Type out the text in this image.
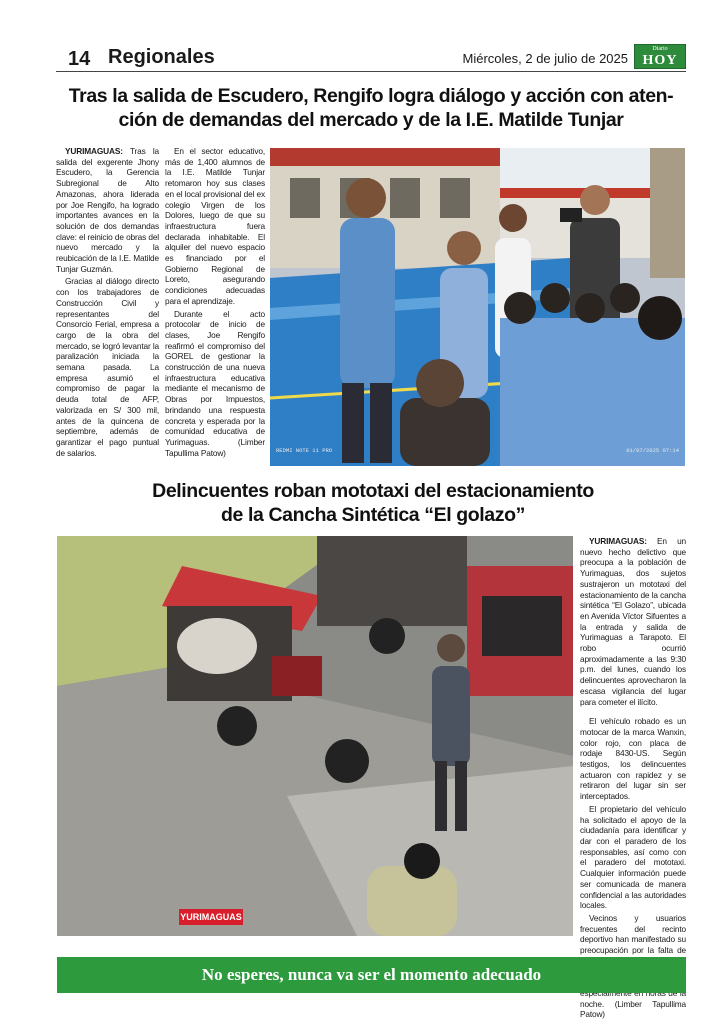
14 Regionales	Miércoles, 2 de julio de 2025
Diario
HOY
Tras la salida de Escudero, Rengifo logra diálogo y acción con aten-
ción de demandas del mercado y de la I.E. Matilde Tunjar

YURIMAGUAS: Tras la salida del exgerente Jhony Escudero, la Gerencia Subregional de Alto Amazonas, ahora liderada por Joe Rengifo, ha logrado importantes avances en la solución de dos demandas clave: el reinicio de obras del nuevo mercado y la reubicación de la I.E. Matilde Tunjar Guzmán.

Gracias al diálogo directo con los trabajadores de Construcción Civil y representantes del Consorcio Ferial, empresa a cargo de la obra del mercado, se logró levantar la paralización iniciada la semana pasada. La empresa asumió el compromiso de pagar la deuda total de AFP, valorizada en S/ 300 mil, antes de la quincena de septiembre, además de garantizar el pago puntual de salarios.

En el sector educativo, más de 1,400 alumnos de la I.E. Matilde Tunjar retomaron hoy sus clases en el local provisional del ex colegio Virgen de los Dolores, luego de que su infraestructura fuera declarada inhabitable. El alquiler del nuevo espacio es financiado por el Gobierno Regional de Loreto, asegurando condiciones adecuadas para el aprendizaje.

Durante el acto protocolar de inicio de clases, Joe Rengifo reafirmó el compromiso del GOREL de gestionar la construcción de una nueva infraestructura educativa mediante el mecanismo de Obras por Impuestos, brindando una respuesta concreta y esperada por la comunidad educativa de Yurimaguas. (Limber Tapullima Patow)	REDMI NOTE 11 PRO	01/07/2025 07:14
Delincuentes roban mototaxi del estacionamiento
de la Cancha Sintética “El golazo”
YURIMAGUAS

YURIMAGUAS: En un nuevo hecho delictivo que preocupa a la población de Yurimaguas, dos sujetos sustrajeron un mototaxi del estacionamiento de la cancha sintética “El Golazo”, ubicada en Avenida Víctor Sifuentes a la entrada y salida de Yurimaguas a Tarapoto. El robo ocurrió aproximadamente a las 9:30 p.m. del lunes, cuando los delincuentes aprovecharon la escasa vigilancia del lugar para cometer el ilícito.

El vehículo robado es un motocar de la marca Wanxin, color rojo, con placa de rodaje 8430-US. Según testigos, los delincuentes actuaron con rapidez y se retiraron del lugar sin ser interceptados.

El propietario del vehículo ha solicitado el apoyo de la ciudadanía para identificar y dar con el paradero de los responsables, así como con el paradero del mototaxi. Cualquier información puede ser comunicada de manera confidencial a las autoridades locales.

Vecinos y usuarios frecuentes del recinto deportivo han manifestado su preocupación por la falta de noche. (Limber Tapullima Patow)

No esperes, nunca va ser el momento adecuado
